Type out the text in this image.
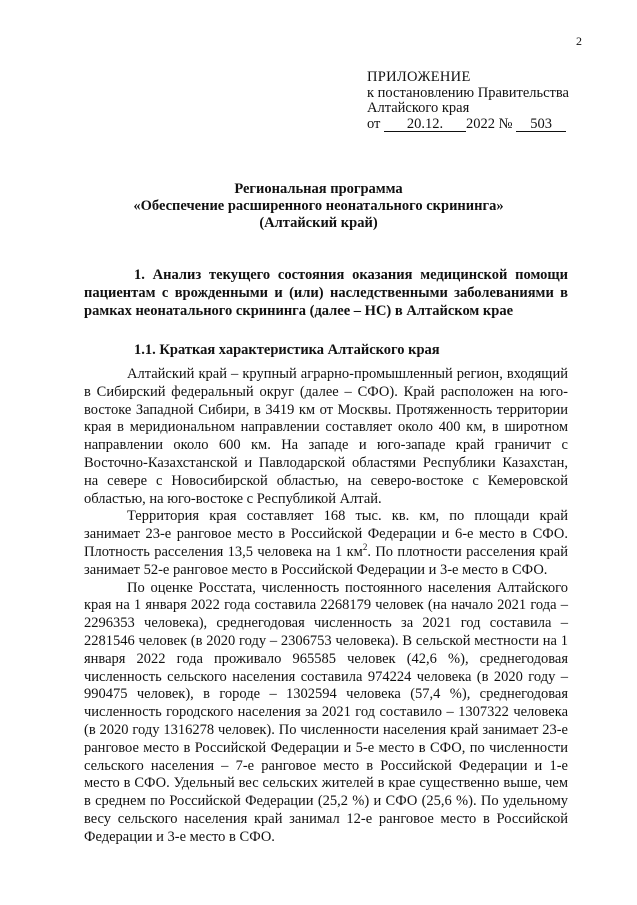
2
ПРИЛОЖЕНИЕ
к постановлению Правительства
Алтайского края
от 20.12. 2022 № 503
Региональная программа
«Обеспечение расширенного неонатального скрининга»
(Алтайский край)
1. Анализ текущего состояния оказания медицинской помощи пациентам с врожденными и (или) наследственными заболеваниями в рамках неонатального скрининга (далее – НС) в Алтайском крае
1.1. Краткая характеристика Алтайского края

Алтайский край – крупный аграрно-промышленный регион, входящий в Сибирский федеральный округ (далее – СФО). Край расположен на юго-востоке Западной Сибири, в 3419 км от Москвы. Протяженность территории края в меридиональном направлении составляет около 400 км, в широтном направлении около 600 км. На западе и юго-западе край граничит с Восточно-Казахстанской и Павлодарской областями Республики Казахстан, на севере с Новосибирской областью, на северо-востоке с Кемеровской областью, на юго-востоке с Республикой Алтай.

Территория края составляет 168 тыс. кв. км, по площади край занимает 23-е ранговое место в Российской Федерации и 6-е место в СФО. Плотность расселения 13,5 человека на 1 $км^2$. По плотности расселения край занимает 52-е ранговое место в Российской Федерации и 3-е место в СФО.

По оценке Росстата, численность постоянного населения Алтайского края на 1 января 2022 года составила 2268179 человек (на начало 2021 года – 2296353 человека), среднегодовая численность за 2021 год составила – 2281546 человек (в 2020 году – 2306753 человека). В сельской местности на 1 января 2022 года проживало 965585 человек (42,6 %), среднегодовая численность сельского населения составила 974224 человека (в 2020 году – 990475 человек), в городе – 1302594 человека (57,4 %), среднегодовая численность городского населения за 2021 год составило – 1307322 человека (в 2020 году 1316278 человек). По численности населения край занимает 23-е ранговое место в Российской Федерации и 5-е место в СФО, по численности сельского населения – 7-е ранговое место в Российской Федерации и 1-е место в СФО. Удельный вес сельских жителей в крае существенно выше, чем в среднем по Российской Федерации (25,2 %) и СФО (25,6 %). По удельному весу сельского населения край занимал 12-е ранговое место в Российской Федерации и 3-е место в СФО.
